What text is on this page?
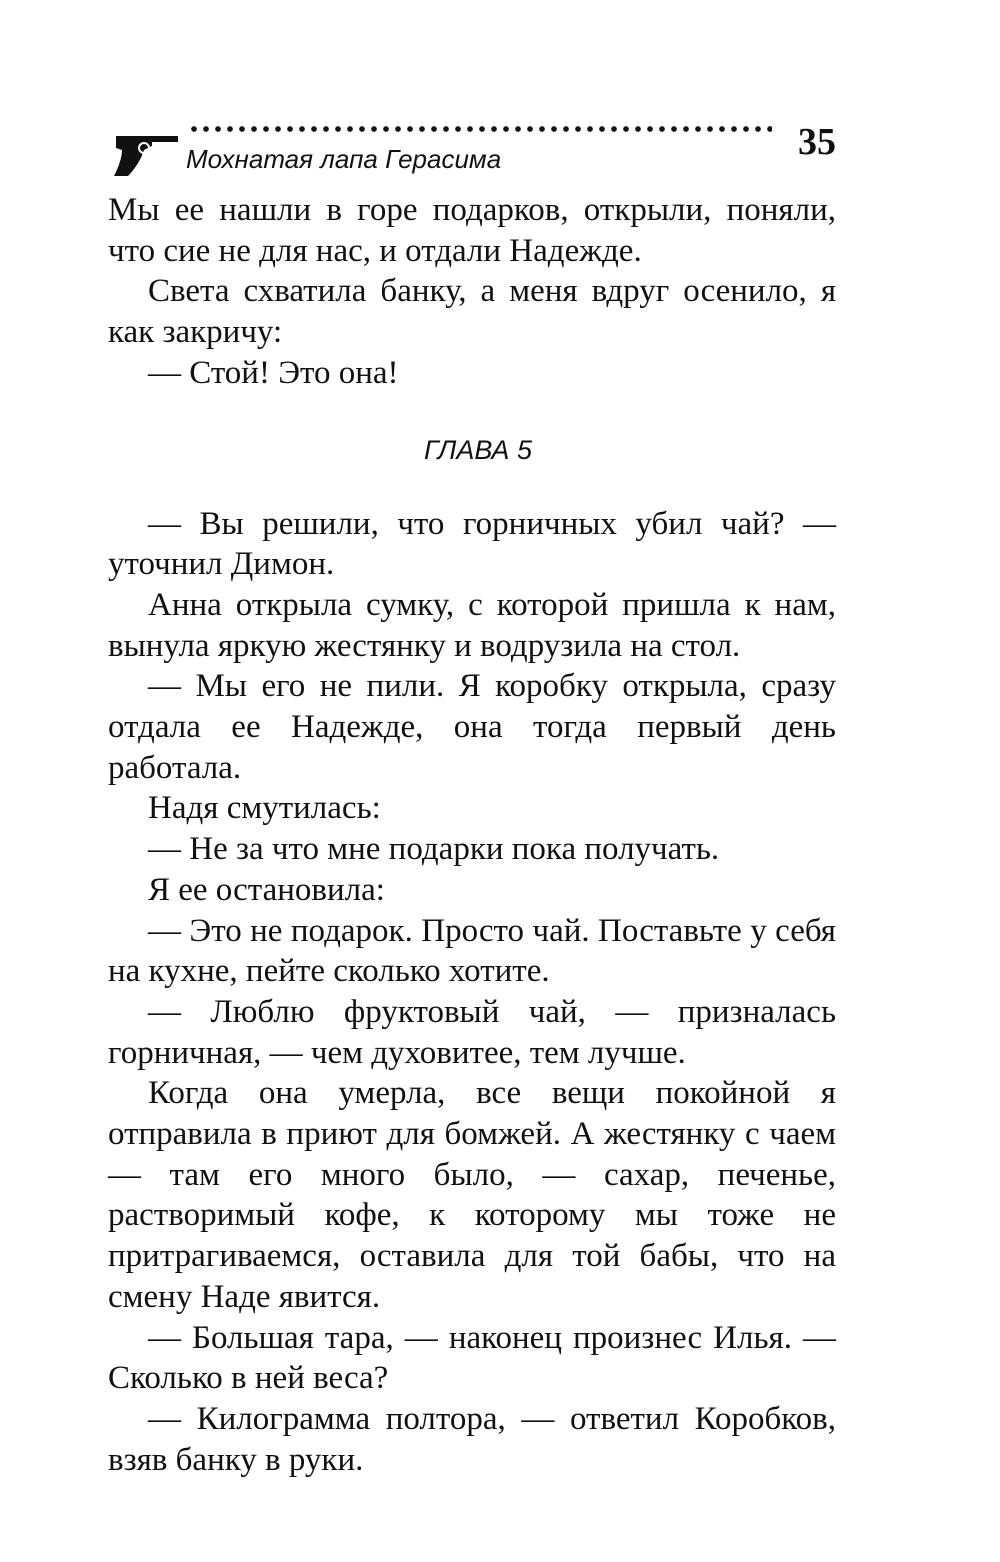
Мохнатая лапа Герасима	35

Мы ее нашли в горе подарков, открыли, поняли, что сие не для нас, и отдали Надежде.

Света схватила банку, а меня вдруг осенило, я как закричу:

— Стой! Это она!

ГЛАВА 5

— Вы решили, что горничных убил чай? — уточнил Димон.

Анна открыла сумку, с которой пришла к нам, вынула яркую жестянку и водрузила на стол.

— Мы его не пили. Я коробку открыла, сразу отдала ее Надежде, она тогда первый день работала.

Надя смутилась:

— Не за что мне подарки пока получать.

Я ее остановила:

— Это не подарок. Просто чай. Поставьте у себя на кухне, пейте сколько хотите.

— Люблю фруктовый чай, — призналась горничная, — чем духовитее, тем лучше.

Когда она умерла, все вещи покойной я отправила в приют для бомжей. А жестянку с чаем — там его много было, — сахар, печенье, растворимый кофе, к которому мы тоже не притрагиваемся, оставила для той бабы, что на смену Наде явится.

— Большая тара, — наконец произнес Илья. — Сколько в ней веса?

— Килограмма полтора, — ответил Коробков, взяв банку в руки.
